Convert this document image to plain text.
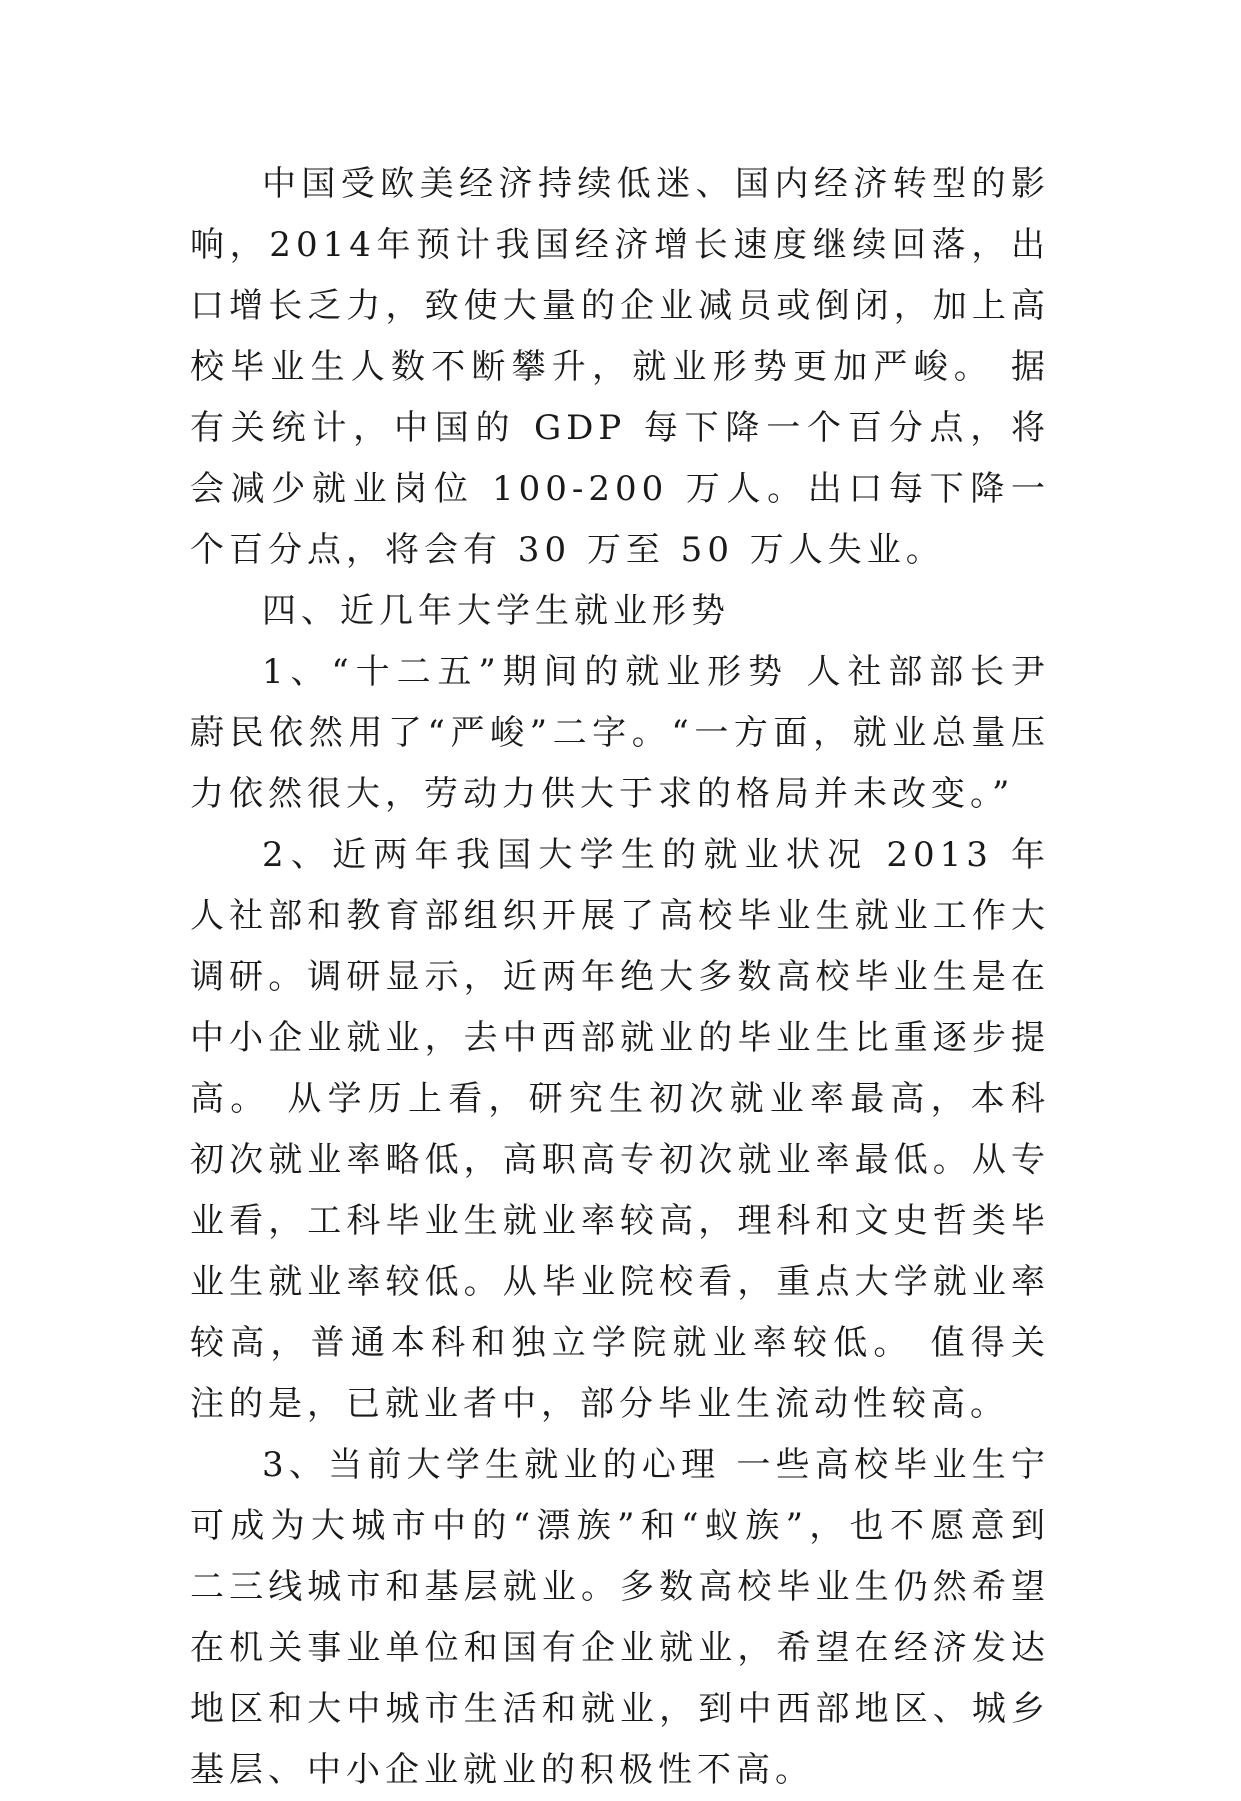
中国受欧美经济持续低迷、国内经济转型的影响，2014年预计我国经济增长速度继续回落，出口增长乏力，致使大量的企业减员或倒闭，加上高校毕业生人数不断攀升，就业形势更加严峻。 据有关统计，中国的 GDP 每下降一个百分点，将会减少就业岗位 100-200 万人。出口每下降一个百分点，将会有 30 万至 50 万人失业。

四、近几年大学生就业形势

1、“十二五”期间的就业形势 人社部部长尹蔚民依然用了“严峻”二字。“一方面，就业总量压力依然很大，劳动力供大于求的格局并未改变。”

2、近两年我国大学生的就业状况 2013 年人社部和教育部组织开展了高校毕业生就业工作大调研。调研显示，近两年绝大多数高校毕业生是在中小企业就业，去中西部就业的毕业生比重逐步提高。 从学历上看，研究生初次就业率最高，本科初次就业率略低，高职高专初次就业率最低。从专业看，工科毕业生就业率较高，理科和文史哲类毕业生就业率较低。从毕业院校看，重点大学就业率较高，普通本科和独立学院就业率较低。 值得关注的是，已就业者中，部分毕业生流动性较高。

3、当前大学生就业的心理 一些高校毕业生宁可成为大城市中的“漂族”和“蚁族”，也不愿意到二三线城市和基层就业。多数高校毕业生仍然希望在机关事业单位和国有企业就业，希望在经济发达地区和大中城市生活和就业，到中西部地区、城乡基层、中小企业就业的积极性不高。
